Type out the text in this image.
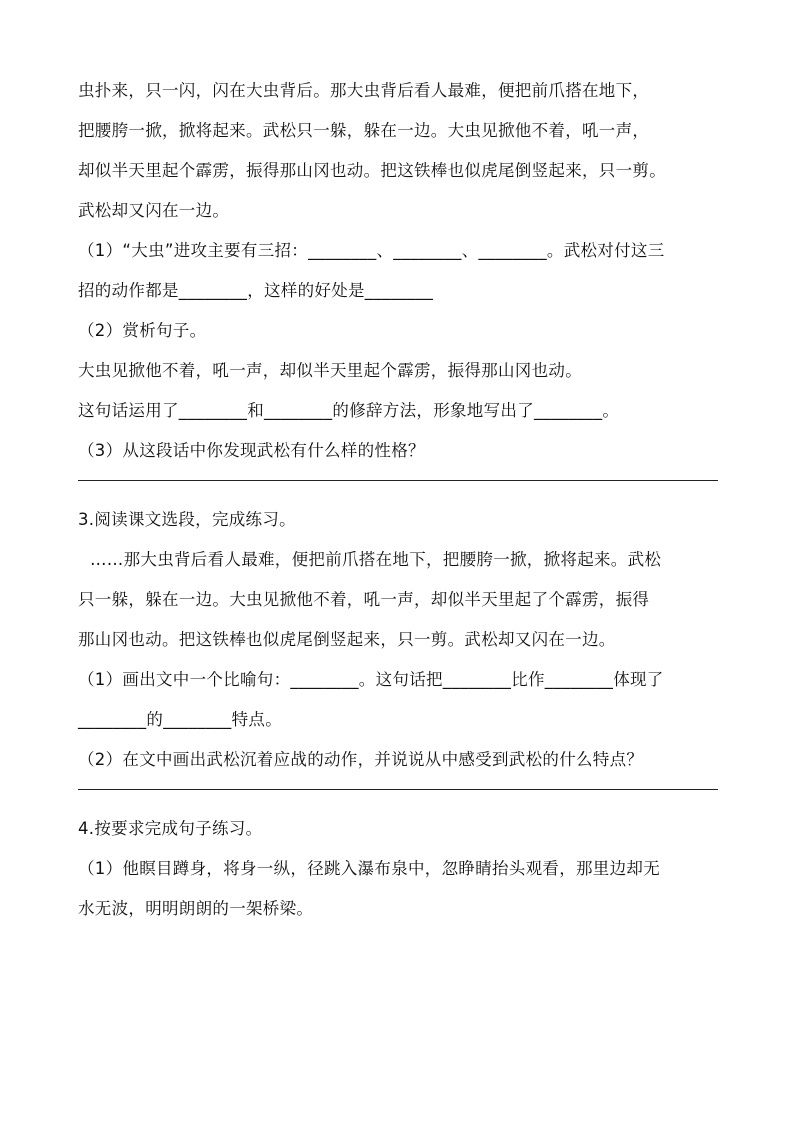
虫扑来，只一闪，闪在大虫背后。那大虫背后看人最难，便把前爪搭在地下，
把腰胯一掀，掀将起来。武松只一躲，躲在一边。大虫见掀他不着，吼一声，
却似半天里起个霹雳，振得那山冈也动。把这铁棒也似虎尾倒竖起来，只一剪。
武松却又闪在一边。
（1）“大虫”进攻主要有三招：________、________、________。武松对付这三
招的动作都是________，这样的好处是________
（2）赏析句子。
大虫见掀他不着，吼一声，却似半天里起个霹雳，振得那山冈也动。
这句话运用了________和________的修辞方法，形象地写出了________。
（3）从这段话中你发现武松有什么样的性格？
3.阅读课文选段，完成练习。
……那大虫背后看人最难，便把前爪搭在地下，把腰胯一掀，掀将起来。武松
只一躲，躲在一边。大虫见掀他不着，吼一声，却似半天里起了个霹雳，振得
那山冈也动。把这铁棒也似虎尾倒竖起来，只一剪。武松却又闪在一边。
（1）画出文中一个比喻句：________。这句话把________比作________体现了
________的________特点。
（2）在文中画出武松沉着应战的动作，并说说从中感受到武松的什么特点？
4.按要求完成句子练习。
（1）他瞑目蹲身，将身一纵，径跳入瀑布泉中，忽睁睛抬头观看，那里边却无
水无波，明明朗朗的一架桥梁。
